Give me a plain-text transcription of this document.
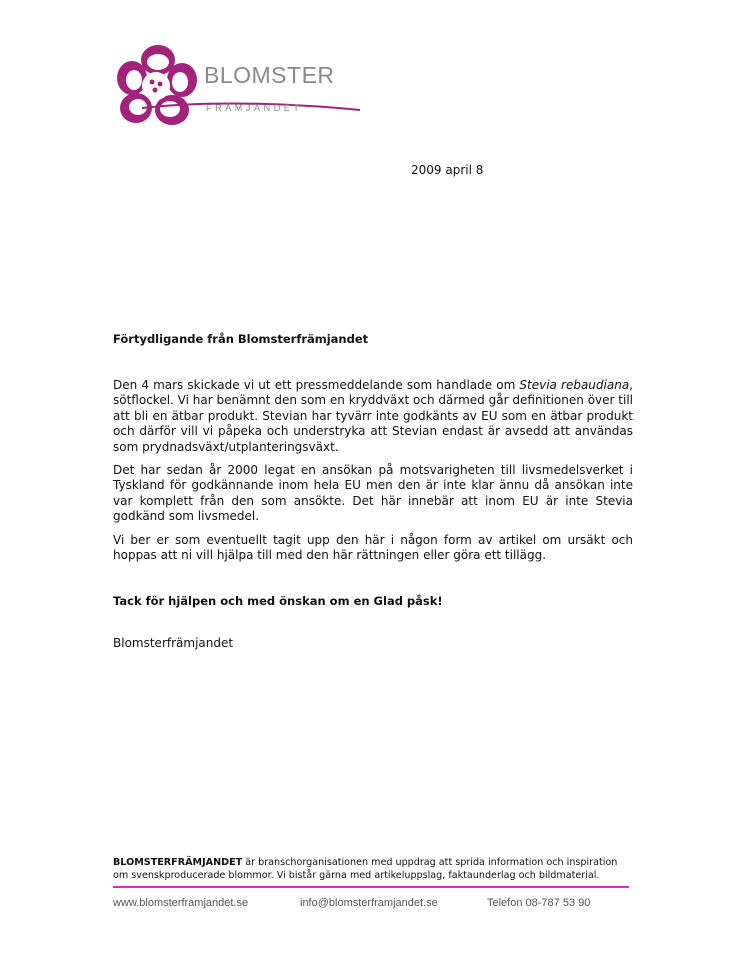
BLOMSTER
FRÄMJANDET
2009 april 8
Förtydligande från Blomsterfrämjandet

Den 4 mars skickade vi ut ett pressmeddelande som handlade om Stevia rebaudiana, sötflockel. Vi har benämnt den som en kryddväxt och därmed går definitionen över till att bli en ätbar produkt. Stevian har tyvärr inte godkänts av EU som en ätbar produkt och därför vill vi påpeka och understryka att Stevian endast är avsedd att användas som prydnadsväxt/utplanteringsväxt.

Det har sedan år 2000 legat en ansökan på motsvarigheten till livsmedelsverket i Tyskland för godkännande inom hela EU men den är inte klar ännu då ansökan inte var komplett från den som ansökte. Det här innebär att inom EU är inte Stevia godkänd som livsmedel.

Vi ber er som eventuellt tagit upp den här i någon form av artikel om ursäkt och hoppas att ni vill hjälpa till med den här rättningen eller göra ett tillägg.

Tack för hjälpen och med önskan om en Glad påsk!
Blomsterfrämjandet
BLOMSTERFRÄMJANDET är branschorganisationen med uppdrag att sprida information och inspiration om svenskproducerade blommor. Vi bistår gärna med artikeluppslag, faktaunderlag och bildmaterial.
www.blomsterframjandet.se	info@blomsterframjandet.se	Telefon 08-787 53 90
